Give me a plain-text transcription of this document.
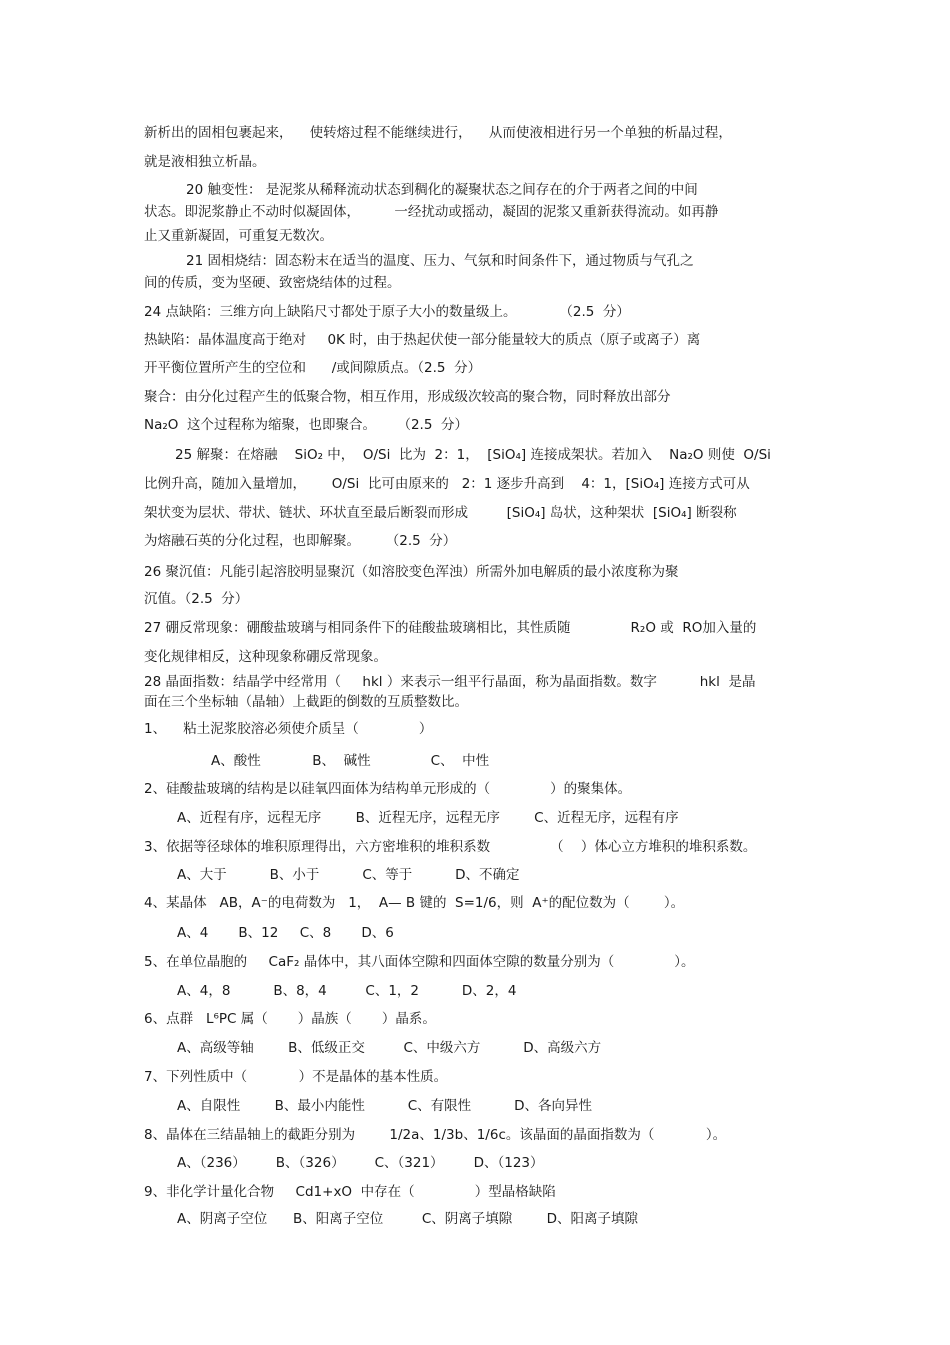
新析出的固相包裹起来，    使转熔过程不能继续进行，    从而使液相进行另一个单独的析晶过程，
就是液相独立析晶。
20 触变性： 是泥浆从稀释流动状态到稠化的凝聚状态之间存在的介于两者之间的中间
状态。即泥浆静止不动时似凝固体，        一经扰动或摇动，凝固的泥浆又重新获得流动。如再静
止又重新凝固，可重复无数次。
21 固相烧结：固态粉末在适当的温度、压力、气氛和时间条件下，通过物质与气孔之
间的传质，变为坚硬、致密烧结体的过程。
24 点缺陷：三维方向上缺陷尺寸都处于原子大小的数量级上。          （2.5  分）
热缺陷：晶体温度高于绝对     0K 时，由于热起伏使一部分能量较大的质点（原子或离子）离
开平衡位置所产生的空位和      /或间隙质点。（2.5  分）
聚合：由分化过程产生的低聚合物，相互作用，形成级次较高的聚合物，同时释放出部分
Na₂O  这个过程称为缩聚，也即聚合。     （2.5  分）
25 解聚：在熔融    SiO₂ 中，  O/Si  比为  2：1，  [SiO₄] 连接成架状。若加入    Na₂O 则使  O/Si
比例升高，随加入量增加，      O/Si  比可由原来的   2：1 逐步升高到    4：1，[SiO₄] 连接方式可从
架状变为层状、带状、链状、环状直至最后断裂而形成         [SiO₄] 岛状，这种架状  [SiO₄] 断裂称
为熔融石英的分化过程，也即解聚。      （2.5  分）
26 聚沉值：凡能引起溶胶明显聚沉（如溶胶变色浑浊）所需外加电解质的最小浓度称为聚
沉值。（2.5  分）
27 硼反常现象：硼酸盐玻璃与相同条件下的硅酸盐玻璃相比，其性质随              R₂O 或  RO加入量的
变化规律相反，这种现象称硼反常现象。
28 晶面指数：结晶学中经常用（     hkl ）来表示一组平行晶面，称为晶面指数。数字          hkl  是晶
面在三个坐标轴（晶轴）上截距的倒数的互质整数比。
1、    粘土泥浆胶溶必须使介质呈（              ）
A、酸性            B、  碱性              C、  中性
2、硅酸盐玻璃的结构是以硅氧四面体为结构单元形成的（              ）的聚集体。
A、近程有序，远程无序        B、近程无序，远程无序        C、近程无序，远程有序
3、依据等径球体的堆积原理得出，六方密堆积的堆积系数              （    ）体心立方堆积的堆积系数。
A、大于          B、小于          C、等于          D、不确定
4、某晶体   AB，A⁻的电荷数为   1，  A— B 键的  S=1/6，则  A⁺的配位数为（        ）。
A、4       B、12     C、8       D、6
5、在单位晶胞的     CaF₂ 晶体中，其八面体空隙和四面体空隙的数量分别为（              ）。
A、4，8          B、8，4         C、1，2          D、2，4
6、点群   L⁶PC 属（       ）晶族（       ）晶系。
A、高级等轴        B、低级正交         C、中级六方          D、高级六方
7、下列性质中（            ）不是晶体的基本性质。
A、自限性        B、最小内能性          C、有限性          D、各向异性
8、晶体在三结晶轴上的截距分别为        1/2a、1/3b、1/6c。该晶面的晶面指数为（            ）。
A、（236）       B、（326）       C、（321）       D、（123）
9、非化学计量化合物     Cd1+xO  中存在（              ）型晶格缺陷
A、阴离子空位      B、阳离子空位         C、阴离子填隙        D、阳离子填隙
